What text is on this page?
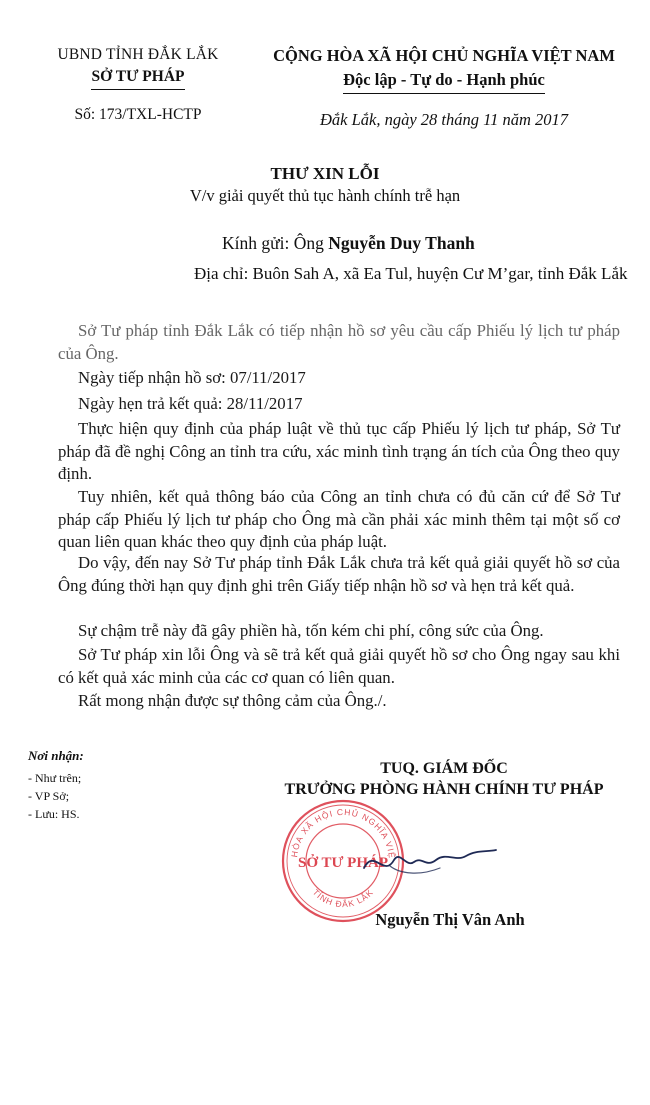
UBND TỈNH ĐẮK LẮK
SỞ TƯ PHÁP
Số: 173/TXL-HCTP
CỘNG HÒA XÃ HỘI CHỦ NGHĨA VIỆT NAM
Độc lập - Tự do - Hạnh phúc
Đắk Lắk, ngày 28 tháng 11 năm 2017
THƯ XIN LỖI
V/v giải quyết thủ tục hành chính trễ hạn
Kính gửi: Ông Nguyễn Duy Thanh
Địa chỉ: Buôn Sah A, xã Ea Tul, huyện Cư M’gar, tỉnh Đắk Lắk
Sở Tư pháp tỉnh Đắk Lắk có tiếp nhận hồ sơ yêu cầu cấp Phiếu lý lịch tư pháp của Ông.
Ngày tiếp nhận hồ sơ: 07/11/2017
Ngày hẹn trả kết quả: 28/11/2017
Thực hiện quy định của pháp luật về thủ tục cấp Phiếu lý lịch tư pháp, Sở Tư pháp đã đề nghị Công an tỉnh tra cứu, xác minh tình trạng án tích của Ông theo quy định.
Tuy nhiên, kết quả thông báo của Công an tỉnh chưa có đủ căn cứ để Sở Tư pháp cấp Phiếu lý lịch tư pháp cho Ông mà cần phải xác minh thêm tại một số cơ quan liên quan khác theo quy định của pháp luật.
Do vậy, đến nay Sở Tư pháp tỉnh Đắk Lắk chưa trả kết quả giải quyết hồ sơ của Ông đúng thời hạn quy định ghi trên Giấy tiếp nhận hồ sơ và hẹn trả kết quả.
Sự chậm trễ này đã gây phiền hà, tốn kém chi phí, công sức của Ông.
Sở Tư pháp xin lỗi Ông và sẽ trả kết quả giải quyết hồ sơ cho Ông ngay sau khi có kết quả xác minh của các cơ quan có liên quan.
Rất mong nhận được sự thông cảm của Ông./.
Nơi nhận:
- Như trên;
- VP Sở;
- Lưu: HS.
TUQ. GIÁM ĐỐC
TRƯỞNG PHÒNG HÀNH CHÍNH TƯ PHÁP
HÒA XÃ HỘI CHỦ NGHĨA VIỆ
TỈNH ĐẮK LẮK
SỞ TƯ PHÁP
Nguyễn Thị Vân Anh
